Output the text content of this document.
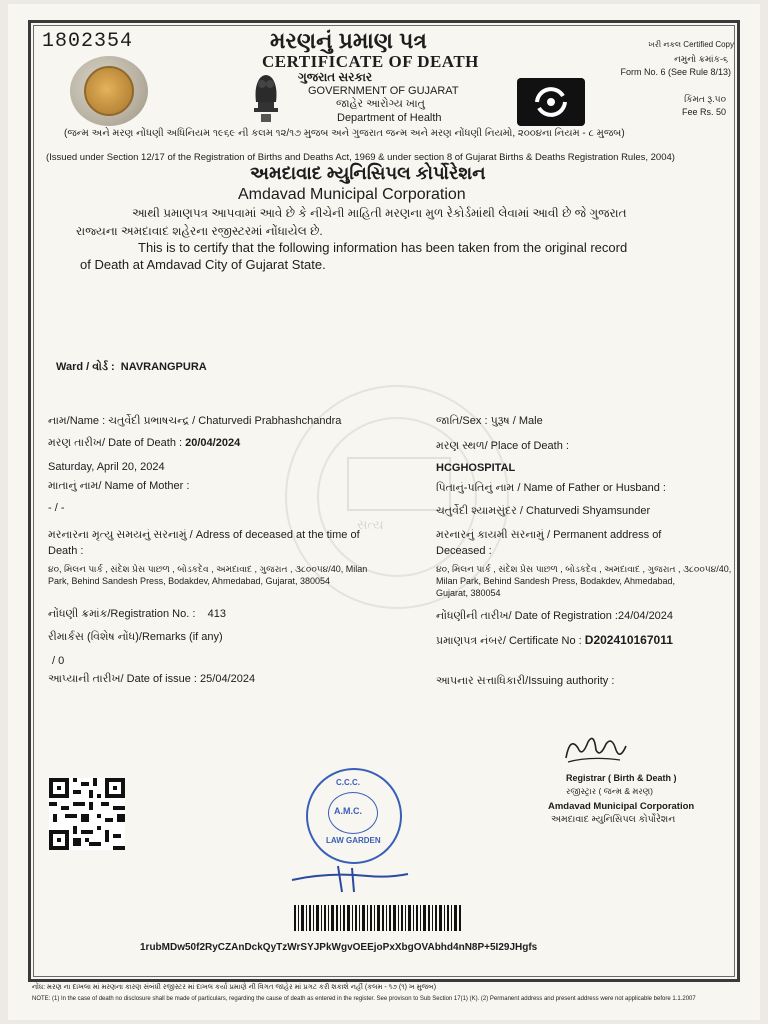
1802354	મરણનું પ્રમાણ પત્ર
CERTIFICATE OF DEATH
ગુજરાત સરકાર
GOVERNMENT OF GUJARAT
જાહેર આરોગ્ય ખાતુ
Department of Health
ખરી નકલ Certified Copy
નમુનો ક્રમાંક-૬
Form No. 6 (See Rule 8/13)
કિંમત રૂ.૫૦
Fee Rs. 50
(જન્મ અને મરણ નોંધણી અધિનિયમ ૧૯૬૯ ની કલમ ૧૨/૧૭ મુજબ અને ગુજરાત જન્મ અને મરણ નોંધણી નિયમો, ૨૦૦૪ના નિયમ - ૮ મુજબ)
(Issued under Section 12/17 of the Registration of Births and Deaths Act, 1969 & under section 8 of Gujarat Births & Deaths Registration Rules, 2004)
અમદાવાદ મ્યુનિસિપલ કોર્પોરેશન
Amdavad Municipal Corporation
આથી પ્રમાણપત્ર આપવામાં આવે છે કે નીચેની માહિતી મરણના મુળ રેકોર્ડમાંથી લેવામાં આવી છે જે ગુજરાત
રાજ્યના અમદાવાદ શહેરના રજીસ્ટરમાં નોંધાયેલ છે.
This is to certify that the following information has been taken from the original record
of Death at Amdavad City of Gujarat State.
Ward / વોર્ડ : NAVRANGPURA
સત્ય
નામ/Name : ચતુર્વેદી પ્રભાષચન્દ્ર / Chaturvedi Prabhashchandra	જાતિ/Sex : પુરૂષ / Male
મરણ તારીખ/ Date of Death : 20/04/2024	મરણ સ્થળ/ Place of Death :
Saturday, April 20, 2024	HCGHOSPITAL
માતાનું નામ/ Name of Mother :	પિતાનું-પતિનું નામ / Name of Father or Husband :
- / -	ચતુર્વેદી શ્યામસુંદર / Chaturvedi Shyamsunder
મરનારના મૃત્યુ સમયનું સરનામું / Adress of deceased at the time of
Death :
૪૦, મિલન પાર્ક , સંદેશ પ્રેસ પાછળ , બોડકદેવ , અમદાવાદ , ગુજરાત , ૩૮૦૦૫૪/40, Milan
Park, Behind Sandesh Press, Bodakdev, Ahmedabad, Gujarat, 380054
મરનારનું કાયમી સરનામું / Permanent address of
Deceased :
૪૦, મિલન પાર્ક , સંદેશ પ્રેસ પાછળ , બોડકદેવ , અમદાવાદ , ગુજરાત , ૩૮૦૦૫૪/40,
Milan Park, Behind Sandesh Press, Bodakdev, Ahmedabad,
Gujarat, 380054
નોંધણી ક્રમાંક/Registration No. : 413	નોંધણીની તારીખ/ Date of Registration :24/04/2024
રીમાર્કસ (વિશેષ નોંધ)/Remarks (if any)	પ્રમાણપત્ર નંબર/ Certificate No : D202410167011
/ 0
આપ્યાની તારીખ/ Date of issue : 25/04/2024	આપનાર સત્તાધિકારી/Issuing authority :
Registrar ( Birth & Death )
રજીસ્ટ્રાર ( જન્મ & મરણ)
Amdavad Municipal Corporation
અમદાવાદ મ્યુનિસિપલ કોર્પોરેશન
C.C.C.
A.M.C.
LAW GARDEN
1rubMDw50f2RyCZAnDckQyTzWrSYJPkWgvOEEjoPxXbgOVAbhd4nN8P+5I29JHgfs
નોંધ: મરણ ના દાખલા માં મરણના કારણ સંબંધી રજીસ્ટર માં દાખલ કર્યા પ્રમાણે ની વિગત જાહેર માં પ્રગટ કરી શકાશે નહીં (કલમ - ૧૭ (૧) ખ મુજબ)
NOTE: (1) In the case of death no disclosure shall be made of particulars, regarding the cause of death as entered in the register. See provison to Sub Section 17(1) (K). (2) Permanent address and present address were not applicable before 1.1.2007
